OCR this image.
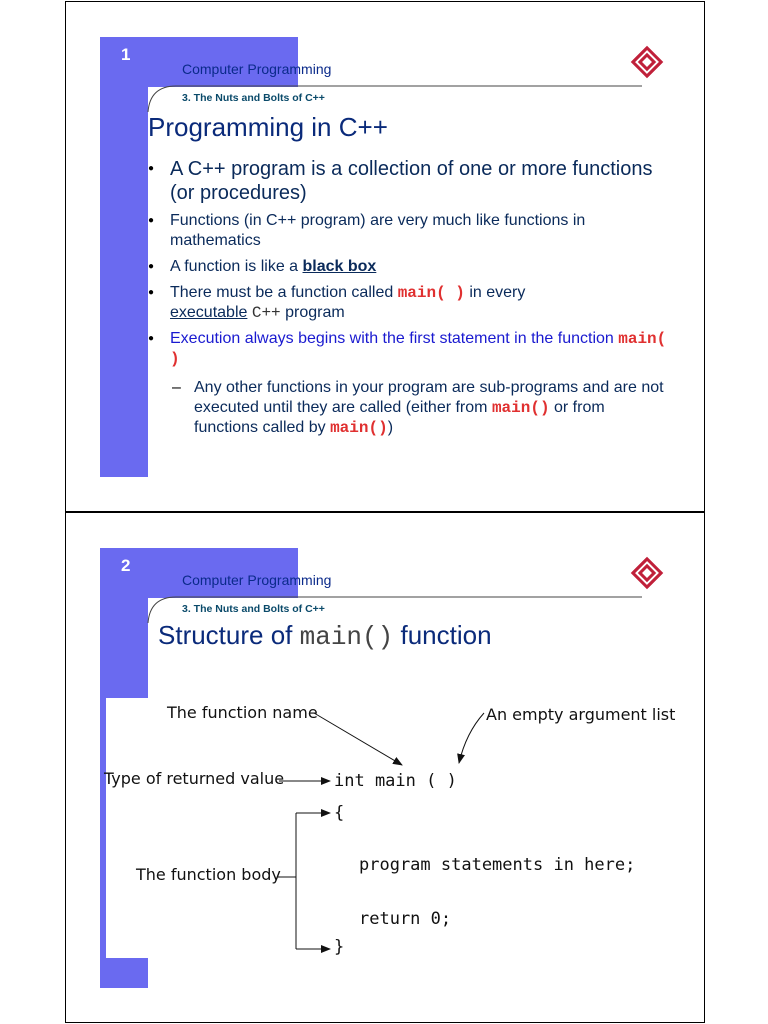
1
Computer Programming
3. The Nuts and Bolts of C++
Programming in C++
● A C++ program is a collection of one or more functions (or procedures)
● Functions (in C++ program) are very much like functions in mathematics
● A function is like a black box
● There must be a function called main( ) in every
executable C++ program
● Execution always begins with the first statement in the function main( )
– Any other functions in your program are sub-programs and are not executed until they are called (either from main() or from functions called by main())
2
Computer Programming
3. The Nuts and Bolts of C++
Structure of main() function
The function name	An empty argument list
Type of returned value
The function body
int main ( )
{
program statements in here;
return 0;
}
